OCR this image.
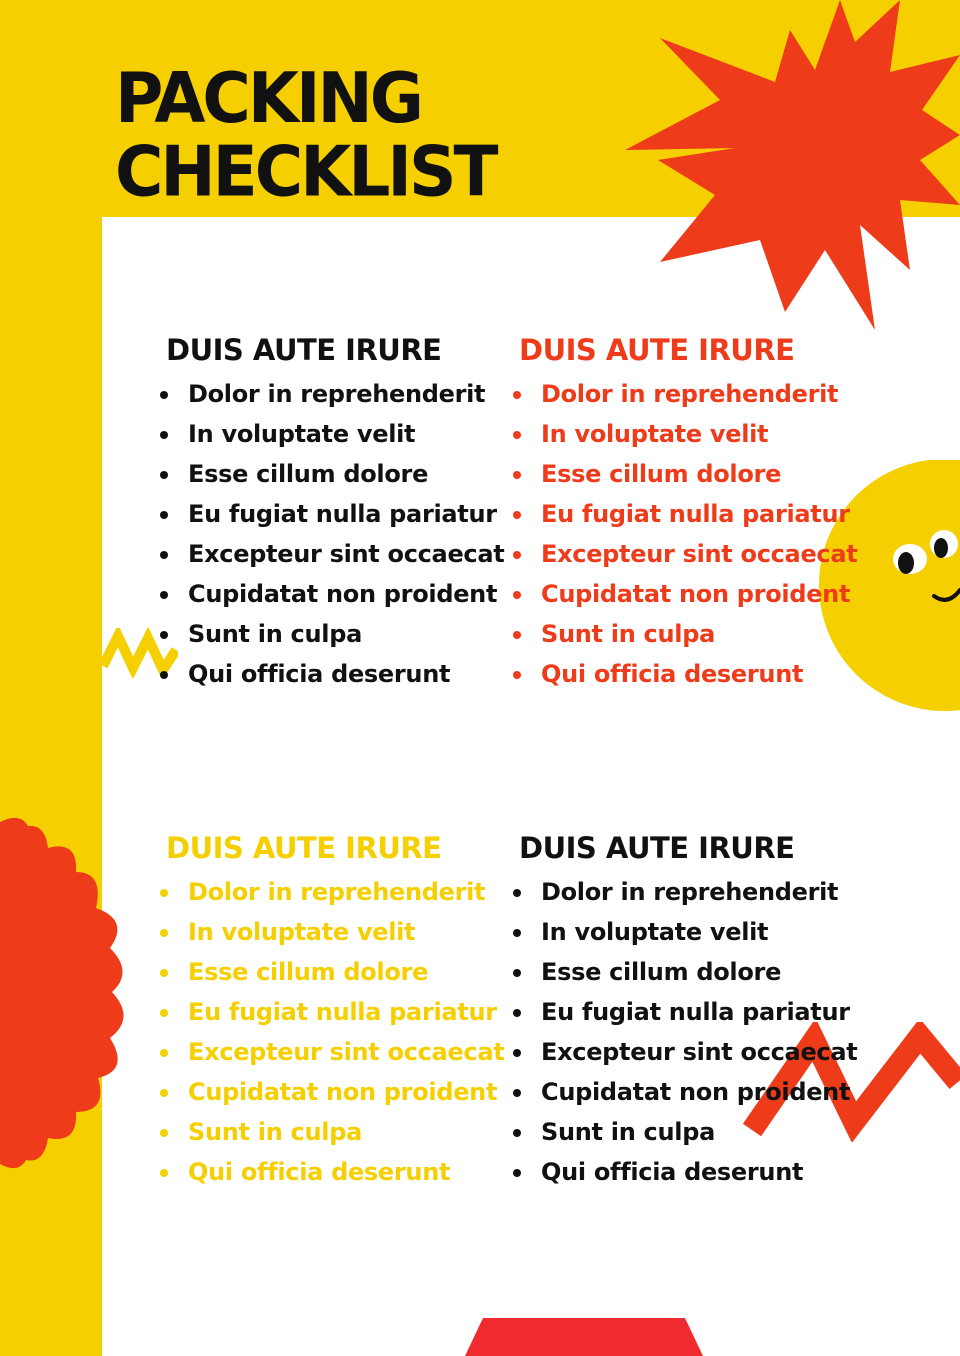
PACKING
CHECKLIST
DUIS AUTE IRURE
Dolor in reprehenderit
In voluptate velit
Esse cillum dolore
Eu fugiat nulla pariatur
Excepteur sint occaecat
Cupidatat non proident
Sunt in culpa
Qui officia deserunt
DUIS AUTE IRURE
Dolor in reprehenderit
In voluptate velit
Esse cillum dolore
Eu fugiat nulla pariatur
Excepteur sint occaecat
Cupidatat non proident
Sunt in culpa
Qui officia deserunt
DUIS AUTE IRURE
Dolor in reprehenderit
In voluptate velit
Esse cillum dolore
Eu fugiat nulla pariatur
Excepteur sint occaecat
Cupidatat non proident
Sunt in culpa
Qui officia deserunt
DUIS AUTE IRURE
Dolor in reprehenderit
In voluptate velit
Esse cillum dolore
Eu fugiat nulla pariatur
Excepteur sint occaecat
Cupidatat non proident
Sunt in culpa
Qui officia deserunt
